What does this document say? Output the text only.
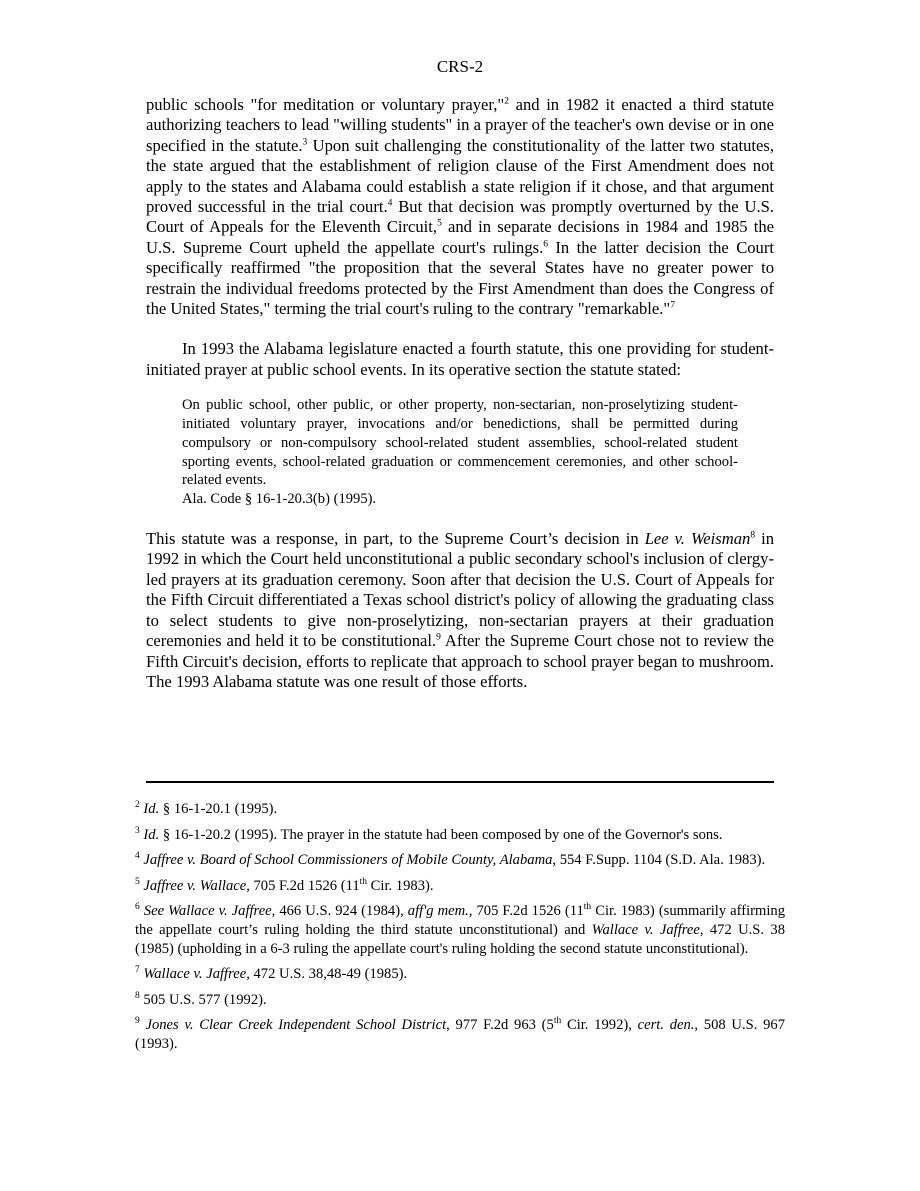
CRS-2

public schools "for meditation or voluntary prayer,"$^2$ and in 1982 it enacted a third statute authorizing teachers to lead "willing students" in a prayer of the teacher's own devise or in one specified in the statute.$^3$ Upon suit challenging the constitutionality of the latter two statutes, the state argued that the establishment of religion clause of the First Amendment does not apply to the states and Alabama could establish a state religion if it chose, and that argument proved successful in the trial court.$^4$ But that decision was promptly overturned by the U.S. Court of Appeals for the Eleventh Circuit,$^5$ and in separate decisions in 1984 and 1985 the U.S. Supreme Court upheld the appellate court's rulings.$^6$ In the latter decision the Court specifically reaffirmed "the proposition that the several States have no greater power to restrain the individual freedoms protected by the First Amendment than does the Congress of the United States," terming the trial court's ruling to the contrary "remarkable."$^7$

In 1993 the Alabama legislature enacted a fourth statute, this one providing for student-initiated prayer at public school events. In its operative section the statute stated:

On public school, other public, or other property, non-sectarian, non-proselytizing student-initiated voluntary prayer, invocations and/or benedictions, shall be permitted during compulsory or non-compulsory school-related student assemblies, school-related student sporting events, school-related graduation or commencement ceremonies, and other school-related events.
Ala. Code § 16-1-20.3(b) (1995).

This statute was a response, in part, to the Supreme Court’s decision in Lee v. Weisman$^8$ in 1992 in which the Court held unconstitutional a public secondary school's inclusion of clergy-led prayers at its graduation ceremony. Soon after that decision the U.S. Court of Appeals for the Fifth Circuit differentiated a Texas school district's policy of allowing the graduating class to select students to give non-proselytizing, non-sectarian prayers at their graduation ceremonies and held it to be constitutional.$^9$ After the Supreme Court chose not to review the Fifth Circuit's decision, efforts to replicate that approach to school prayer began to mushroom. The 1993 Alabama statute was one result of those efforts.

$^2$ Id. § 16-1-20.1 (1995).

$^3$ Id. § 16-1-20.2 (1995). The prayer in the statute had been composed by one of the Governor's sons.

$^4$ Jaffree v. Board of School Commissioners of Mobile County, Alabama, 554 F.Supp. 1104 (S.D. Ala. 1983).

$^5$ Jaffree v. Wallace, 705 F.2d 1526 (11th Cir. 1983).

$^6$ See Wallace v. Jaffree, 466 U.S. 924 (1984), aff'g mem., 705 F.2d 1526 (11th Cir. 1983) (summarily affirming the appellate court’s ruling holding the third statute unconstitutional) and Wallace v. Jaffree, 472 U.S. 38 (1985) (upholding in a 6-3 ruling the appellate court's ruling holding the second statute unconstitutional).

$^7$ Wallace v. Jaffree, 472 U.S. 38,48-49 (1985).

$^8$ 505 U.S. 577 (1992).

$^9$ Jones v. Clear Creek Independent School District, 977 F.2d 963 (5th Cir. 1992), cert. den., 508 U.S. 967 (1993).
